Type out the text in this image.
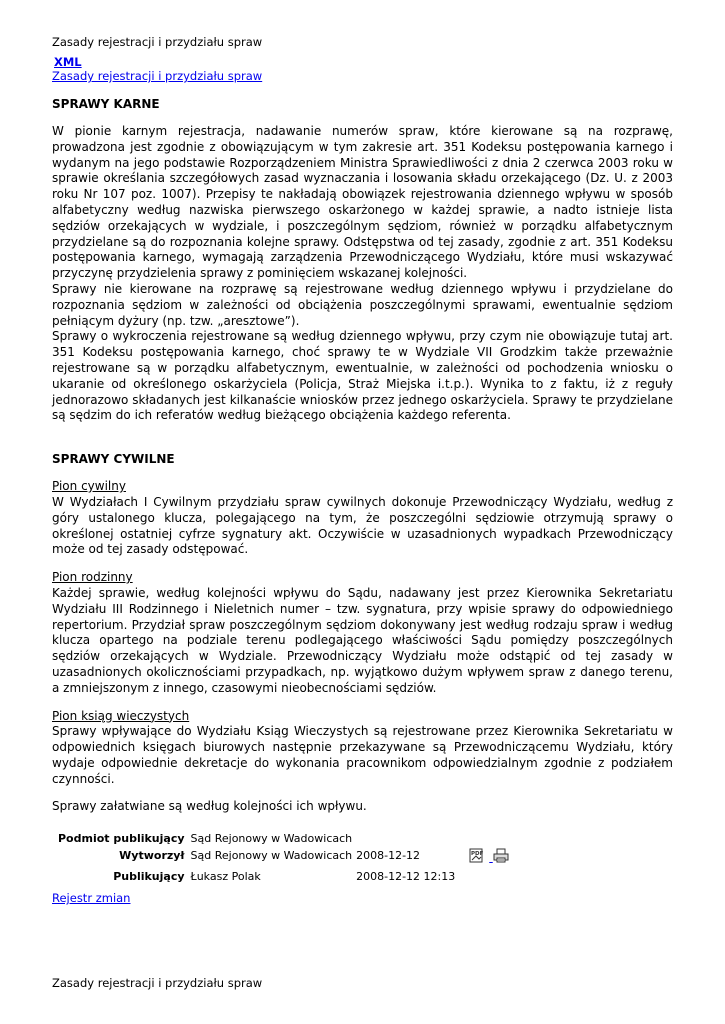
Zasady rejestracji i przydziału spraw
XML
Zasady rejestracji i przydziału spraw
SPRAWY KARNE

W pionie karnym rejestracja, nadawanie numerów spraw, które kierowane są na rozprawę, prowadzona jest zgodnie z obowiązującym w tym zakresie art. 351 Kodeksu postępowania karnego i wydanym na jego podstawie Rozporządzeniem Ministra Sprawiedliwości z dnia 2 czerwca 2003 roku w sprawie określania szczegółowych zasad wyznaczania i losowania składu orzekającego (Dz. U. z 2003 roku Nr 107 poz. 1007). Przepisy te nakładają obowiązek rejestrowania dziennego wpływu w sposób alfabetyczny według nazwiska pierwszego oskarżonego w każdej sprawie, a nadto istnieje lista sędziów orzekających w wydziale, i poszczególnym sędziom, również w porządku alfabetycznym przydzielane są do rozpoznania kolejne sprawy. Odstępstwa od tej zasady, zgodnie z art. 351 Kodeksu postępowania karnego, wymagają zarządzenia Przewodniczącego Wydziału, które musi wskazywać przyczynę przydzielenia sprawy z pominięciem wskazanej kolejności.

Sprawy nie kierowane na rozprawę są rejestrowane według dziennego wpływu i przydzielane do rozpoznania sędziom w zależności od obciążenia poszczególnymi sprawami, ewentualnie sędziom pełniącym dyżury (np. tzw. „aresztowe”).

Sprawy o wykroczenia rejestrowane są według dziennego wpływu, przy czym nie obowiązuje tutaj art. 351 Kodeksu postępowania karnego, choć sprawy te w Wydziale VII Grodzkim także przeważnie rejestrowane są w porządku alfabetycznym, ewentualnie, w zależności od pochodzenia wniosku o ukaranie od określonego oskarżyciela (Policja, Straż Miejska i.t.p.). Wynika to z faktu, iż z reguły jednorazowo składanych jest kilkanaście wniosków przez jednego oskarżyciela. Sprawy te przydzielane są sędzim do ich referatów według bieżącego obciążenia każdego referenta.

SPRAWY CYWILNE
Pion cywilny

W Wydziałach I Cywilnym przydziału spraw cywilnych dokonuje Przewodniczący Wydziału, według z góry ustalonego klucza, polegającego na tym, że poszczególni sędziowie otrzymują sprawy o określonej ostatniej cyfrze sygnatury akt. Oczywiście w uzasadnionych wypadkach Przewodniczący może od tej zasady odstępować.

Pion rodzinny

Każdej sprawie, według kolejności wpływu do Sądu, nadawany jest przez Kierownika Sekretariatu Wydziału III Rodzinnego i Nieletnich numer – tzw. sygnatura, przy wpisie sprawy do odpowiedniego repertorium. Przydział spraw poszczególnym sędziom dokonywany jest według rodzaju spraw i według klucza opartego na podziale terenu podlegającego właściwości Sądu pomiędzy poszczególnych sędziów orzekających w Wydziale. Przewodniczący Wydziału może odstąpić od tej zasady w uzasadnionych okolicznościami przypadkach, np. wyjątkowo dużym wpływem spraw z danego terenu, a zmniejszonym z innego, czasowymi nieobecnościami sędziów.

Pion ksiąg wieczystych

Sprawy wpływające do Wydziału Ksiąg Wieczystych są rejestrowane przez Kierownika Sekretariatu w odpowiednich księgach biurowych następnie przekazywane są Przewodniczącemu Wydziału, który wydaje odpowiednie dekretacje do wykonania pracownikom odpowiedzialnym zgodnie z podziałem czynności.

Sprawy załatwiane są według kolejności ich wpływu.

Podmiot publikujący	Sąd Rejonowy w Wadowicach		
Wytworzył	Sąd Rejonowy w Wadowicach	2008-12-12	PDF

Publikujący	Łukasz Polak	2008-12-12 12:13	
Rejestr zmian
Zasady rejestracji i przydziału spraw
